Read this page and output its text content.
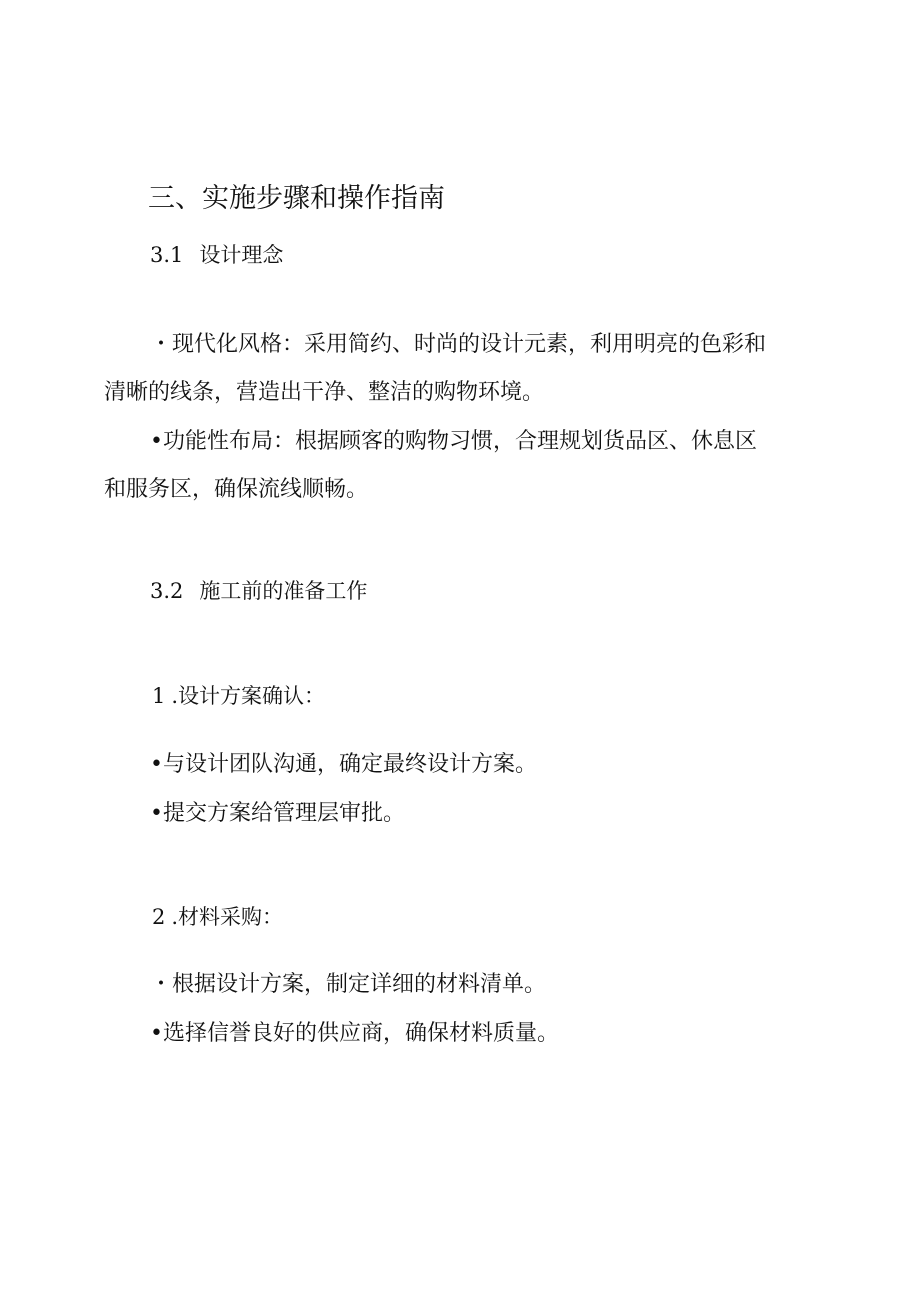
三、实施步骤和操作指南
3.1 设计理念
・现代化风格：采用简约、时尚的设计元素，利用明亮的色彩和
清晰的线条，营造出干净、整洁的购物环境。
•功能性布局：根据顾客的购物习惯，合理规划货品区、休息区
和服务区，确保流线顺畅。
3.2 施工前的准备工作
1 .设计方案确认：
•与设计团队沟通，确定最终设计方案。
•提交方案给管理层审批。
2 .材料采购：
・根据设计方案，制定详细的材料清单。
•选择信誉良好的供应商，确保材料质量。
